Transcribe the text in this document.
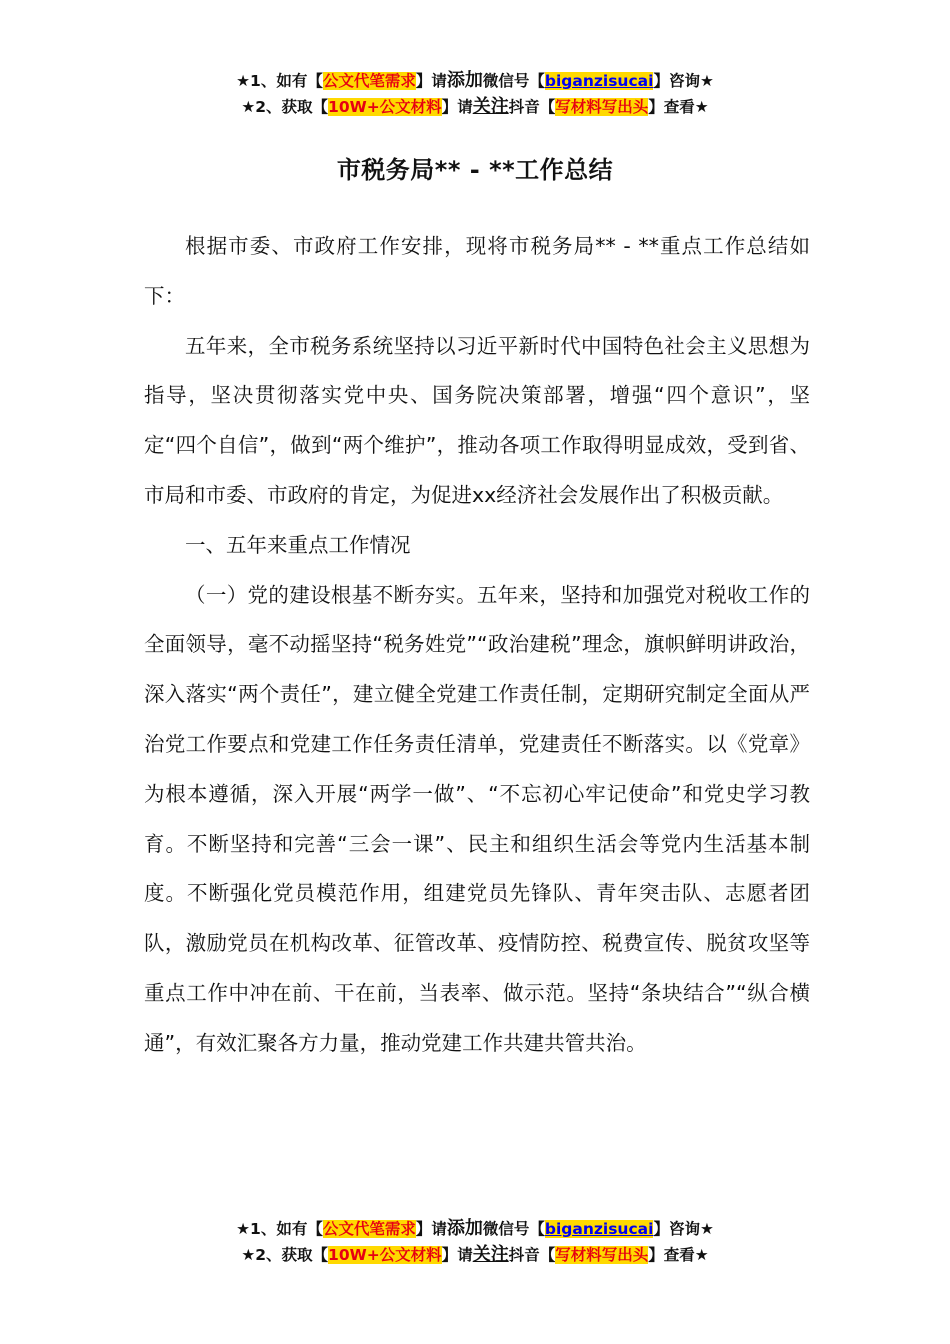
★1、如有【公文代笔需求】请添加微信号【biganzisucai】咨询★
★2、获取【10W+公文材料】请关注抖音【写材料写出头】查看★
市税务局** - **工作总结

根据市委、市政府工作安排，现将市税务局** - **重点工作总结如下：

五年来，全市税务系统坚持以习近平新时代中国特色社会主义思想为指导，坚决贯彻落实党中央、国务院决策部署，增强“四个意识”，坚定“四个自信”，做到“两个维护”，推动各项工作取得明显成效，受到省、市局和市委、市政府的肯定，为促进xx经济社会发展作出了积极贡献。

一、五年来重点工作情况

（一）党的建设根基不断夯实。五年来，坚持和加强党对税收工作的全面领导，毫不动摇坚持“税务姓党”“政治建税”理念，旗帜鲜明讲政治，深入落实“两个责任”，建立健全党建工作责任制，定期研究制定全面从严治党工作要点和党建工作任务责任清单，党建责任不断落实。以《党章》为根本遵循，深入开展“两学一做”、“不忘初心牢记使命”和党史学习教育。不断坚持和完善“三会一课”、民主和组织生活会等党内生活基本制度。不断强化党员模范作用，组建党员先锋队、青年突击队、志愿者团队，激励党员在机构改革、征管改革、疫情防控、税费宣传、脱贫攻坚等重点工作中冲在前、干在前，当表率、做示范。坚持“条块结合”“纵合横通”，有效汇聚各方力量，推动党建工作共建共管共治。

★1、如有【公文代笔需求】请添加微信号【biganzisucai】咨询★
★2、获取【10W+公文材料】请关注抖音【写材料写出头】查看★
